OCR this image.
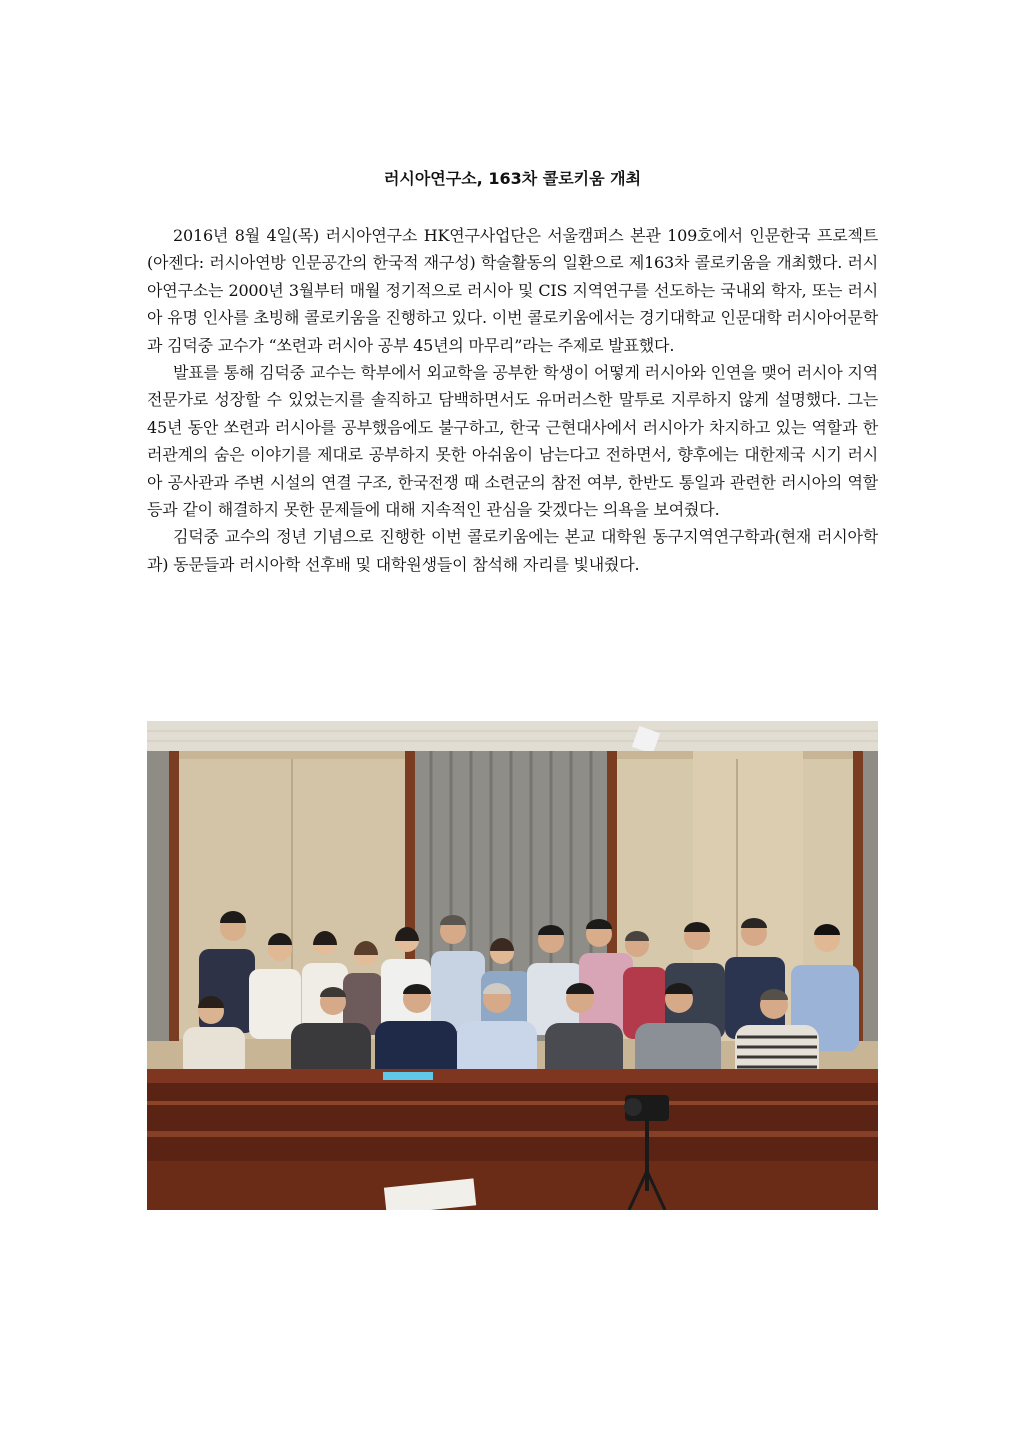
러시아연구소, 163차 콜로키움 개최

2016년 8월 4일(목) 러시아연구소 HK연구사업단은 서울캠퍼스 본관 109호에서 인문한국 프로젝트(아젠다: 러시아연방 인문공간의 한국적 재구성) 학술활동의 일환으로 제163차 콜로키움을 개최했다. 러시아연구소는 2000년 3월부터 매월 정기적으로 러시아 및 CIS 지역연구를 선도하는 국내외 학자, 또는 러시아 유명 인사를 초빙해 콜로키움을 진행하고 있다. 이번 콜로키움에서는 경기대학교 인문대학 러시아어문학과 김덕중 교수가 “쏘련과 러시아 공부 45년의 마무리”라는 주제로 발표했다.

발표를 통해 김덕중 교수는 학부에서 외교학을 공부한 학생이 어떻게 러시아와 인연을 맺어 러시아 지역전문가로 성장할 수 있었는지를 솔직하고 담백하면서도 유머러스한 말투로 지루하지 않게 설명했다. 그는 45년 동안 쏘련과 러시아를 공부했음에도 불구하고, 한국 근현대사에서 러시아가 차지하고 있는 역할과 한러관계의 숨은 이야기를 제대로 공부하지 못한 아쉬움이 남는다고 전하면서, 향후에는 대한제국 시기 러시아 공사관과 주변 시설의 연결 구조, 한국전쟁 때 소련군의 참전 여부, 한반도 통일과 관련한 러시아의 역할 등과 같이 해결하지 못한 문제들에 대해 지속적인 관심을 갖겠다는 의욕을 보여줬다.

김덕중 교수의 정년 기념으로 진행한 이번 콜로키움에는 본교 대학원 동구지역연구학과(현재 러시아학과) 동문들과 러시아학 선후배 및 대학원생들이 참석해 자리를 빛내줬다.
